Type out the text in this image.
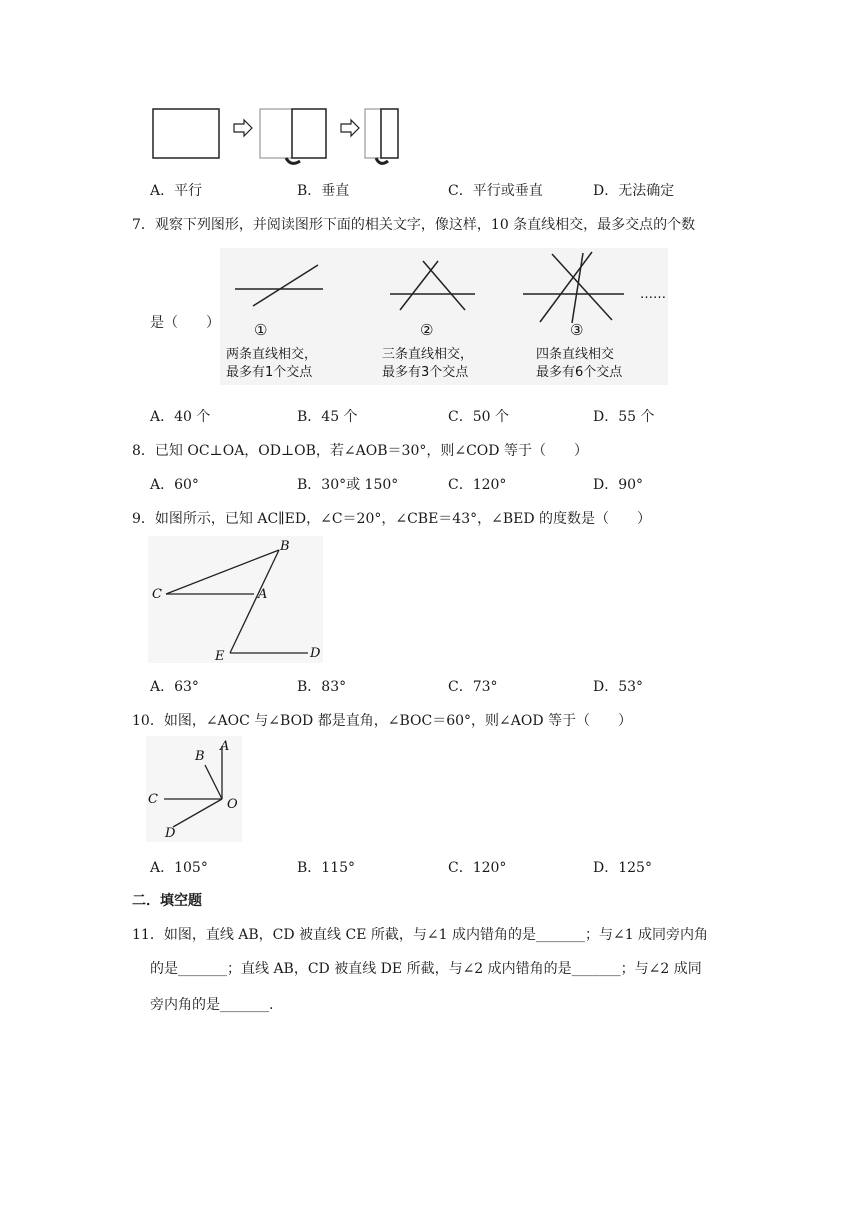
A．平行	B．垂直	C．平行或垂直	D．无法确定
7．观察下列图形，并阅读图形下面的相关文字，像这样，10 条直线相交，最多交点的个数
是（　　） ①
两条直线相交，
最多有1个交点
②
三条直线相交，
最多有3个交点
……
③
四条直线相交
最多有6个交点
A．40 个	B．45 个	C．50 个	D．55 个
8．已知 OC⊥OA，OD⊥OB，若∠AOB＝30°，则∠COD 等于（　　）
A．60°	B．30°或 150°	C．120°	D．90°
9．如图所示，已知 AC∥ED，∠C＝20°，∠CBE＝43°，∠BED 的度数是（　　）
B
C	A
E	D
A．63°	B．83°	C．73°	D．53°
10．如图，∠AOC 与∠BOD 都是直角，∠BOC＝60°，则∠AOD 等于（　　）
A
B
C	O
D
A．105°	B．115°	C．120°	D．125°
二．填空题
11．如图，直线 AB，CD 被直线 CE 所截，与∠1 成内错角的是_______；与∠1 成同旁内角
的是_______；直线 AB，CD 被直线 DE 所截，与∠2 成内错角的是_______；与∠2 成同
旁内角的是_______.
